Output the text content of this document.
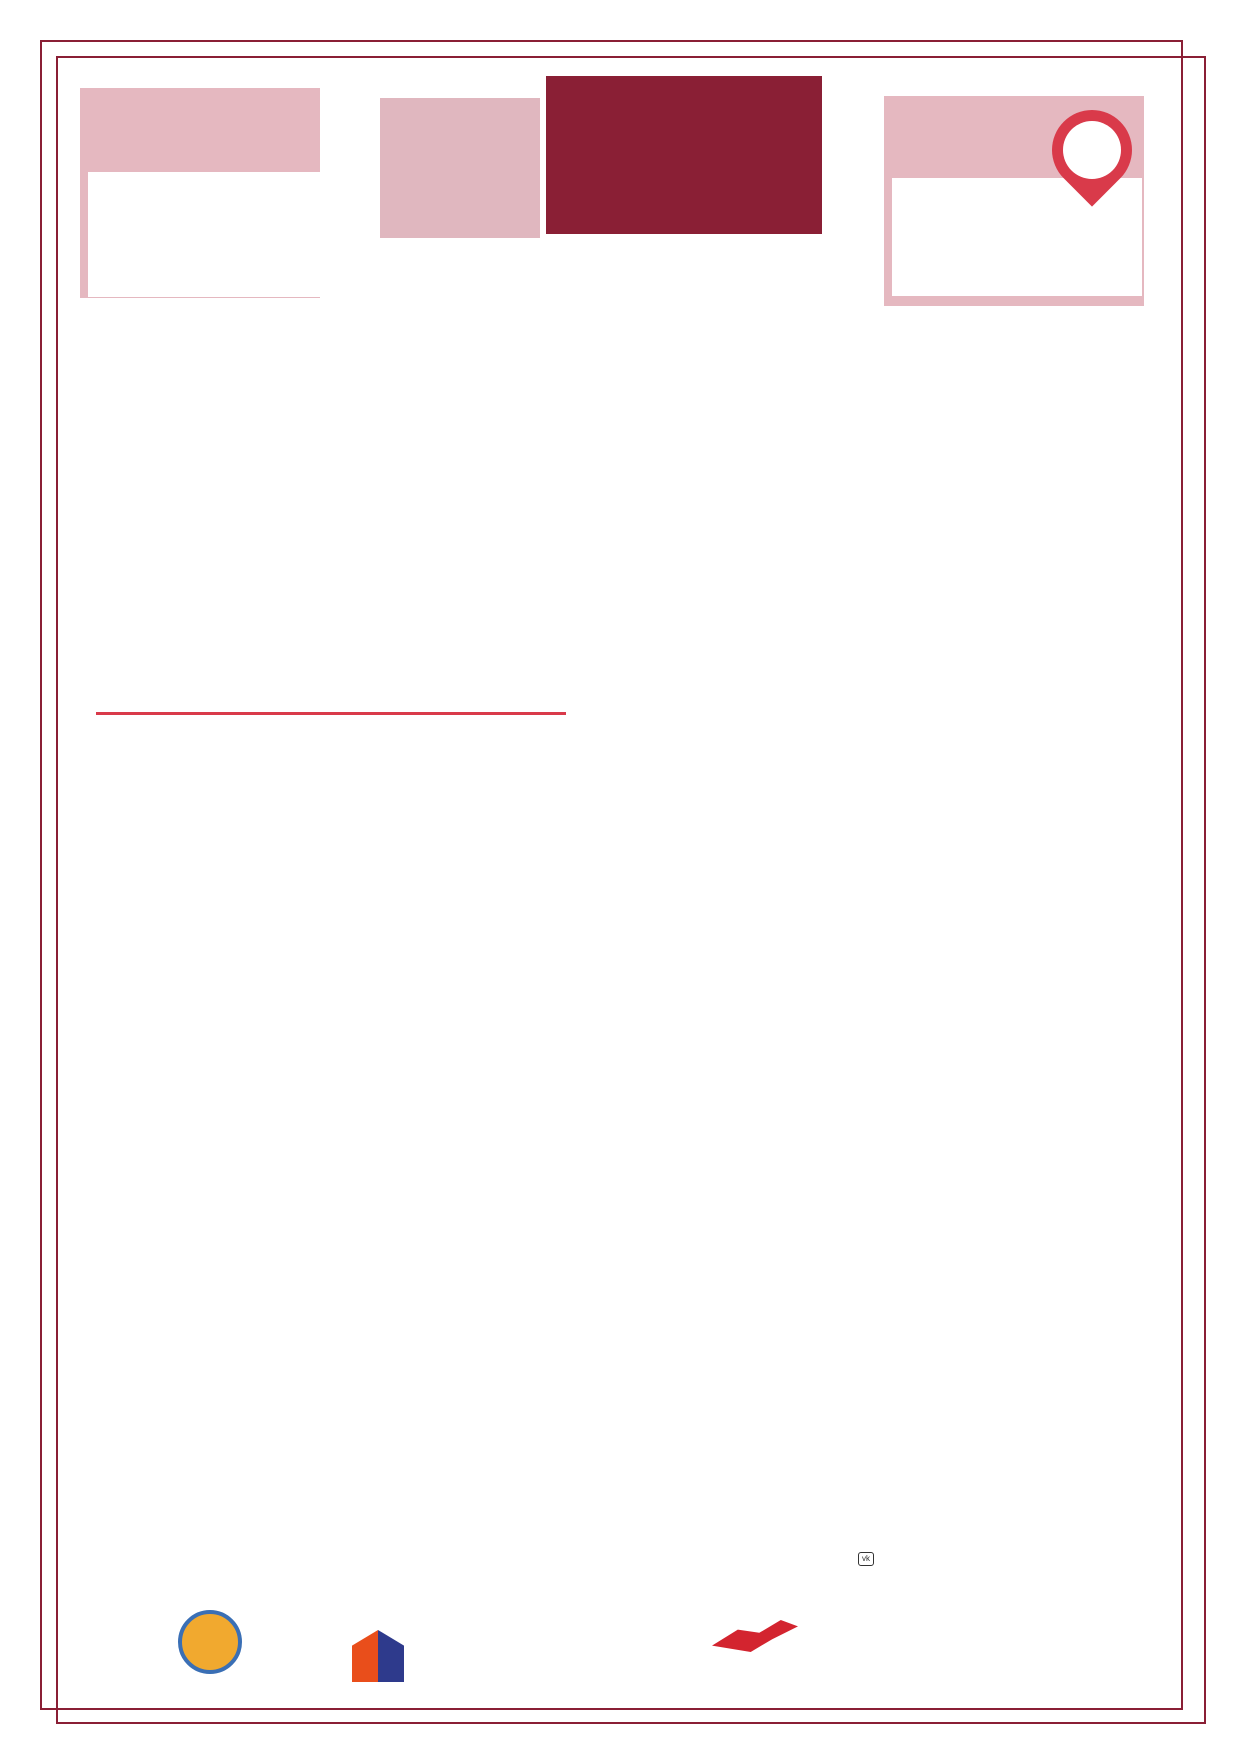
vk
